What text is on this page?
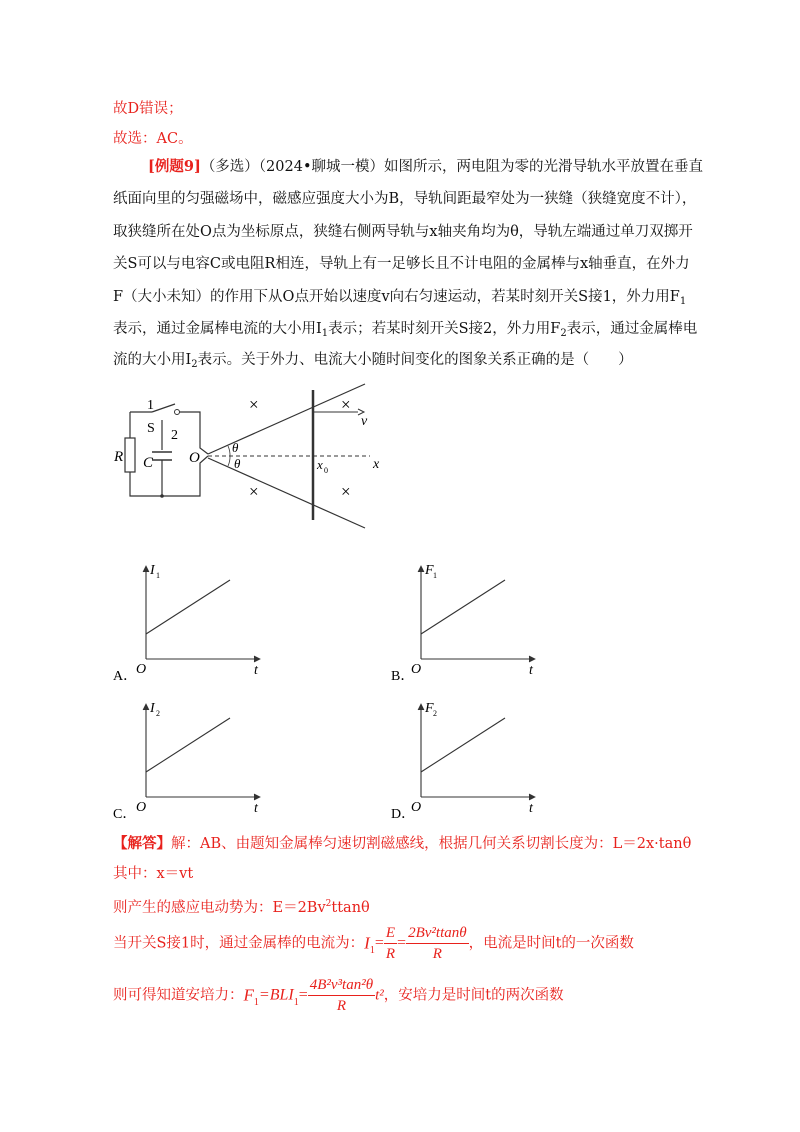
故D错误；
故选：AC。
[例题9]（多选）（2024•聊城一模）如图所示，两电阻为零的光滑导轨水平放置在垂直
纸面向里的匀强磁场中，磁感应强度大小为B，导轨间距最窄处为一狭缝（狭缝宽度不计），
取狭缝所在处O点为坐标原点，狭缝右侧两导轨与x轴夹角均为θ，导轨左端通过单刀双掷开
关S可以与电容C或电阻R相连，导轨上有一足够长且不计电阻的金属棒与x轴垂直，在外力
F（大小未知）的作用下从O点开始以速度v向右匀速运动，若某时刻开关S接1，外力用$F_1$
表示，通过金属棒电流的大小用$I_1$表示；若某时刻开关S接2，外力用$F_2$表示，通过金属棒电
流的大小用$I_2$表示。关于外力、电流大小随时间变化的图象关系正确的是（　　）
1
S 2
R C O
θ
θ
v
x
x 0
×	×
×	×
A．
I 1
O	t	B．
F 1
O	t
C．
I 2
O	t	D．
F 2
O	t
【解答】解：AB、由题知金属棒匀速切割磁感线，根据几何关系切割长度为：L＝2x·tanθ
其中：x＝vt
则产生的感应电动势为：$E=2Bv^2ttan\theta$
当开关S接1时，通过金属棒的电流为：$I_1= \frac{E}{R} = \frac{\text{2Bv²ttanθ}}{R}$ ，电流是时间t的一次函数
则可得知道安培力：$F_1=BLI_1= \frac{\text{4B²v³tan²θ}}{R} t^2$，安培力是时间t的两次函数
